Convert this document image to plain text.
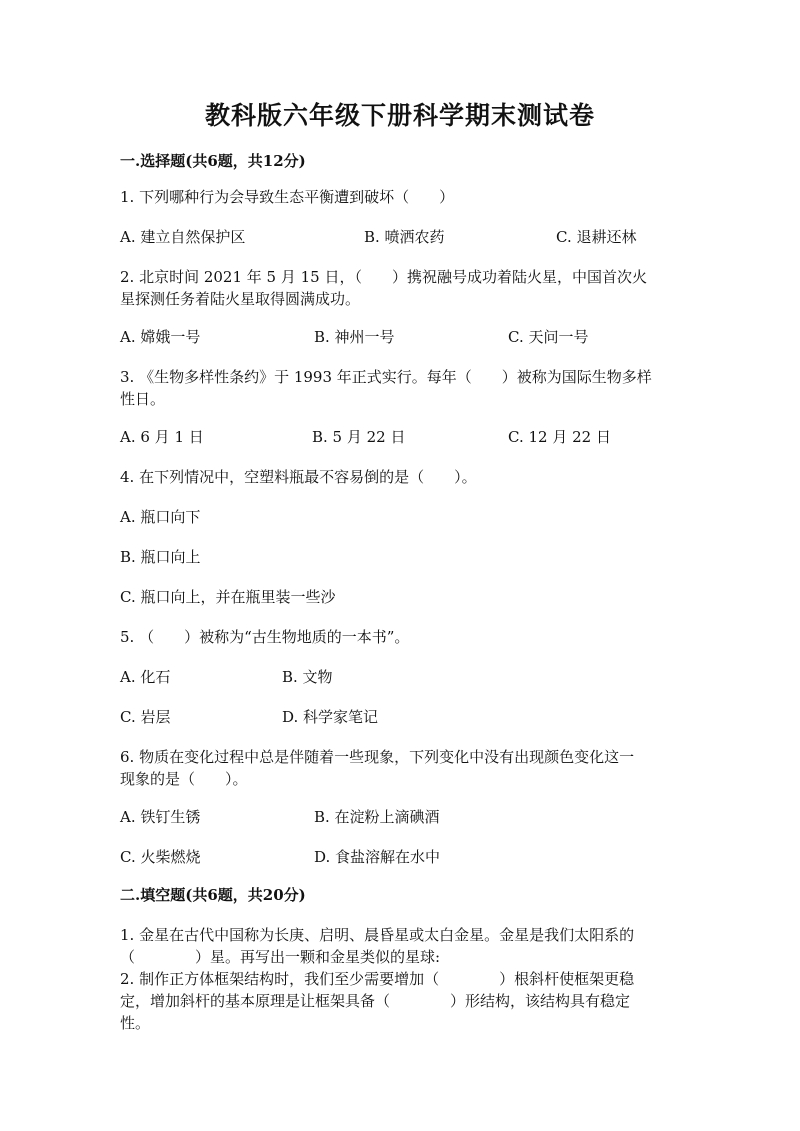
教科版六年级下册科学期末测试卷
一.选择题(共6题，共12分)
1. 下列哪种行为会导致生态平衡遭到破坏（　　）
A. 建立自然保护区	B. 喷洒农药	C. 退耕还林
2. 北京时间 2021 年 5 月 15 日，（　　）携祝融号成功着陆火星，中国首次火
星探测任务着陆火星取得圆满成功。
A. 嫦娥一号	B. 神州一号	C. 天问一号
3. 《生物多样性条约》于 1993 年正式实行。每年（　　）被称为国际生物多样
性日。
A. 6 月 1 日	B. 5 月 22 日	C. 12 月 22 日
4. 在下列情况中，空塑料瓶最不容易倒的是（　　）。
A. 瓶口向下
B. 瓶口向上
C. 瓶口向上，并在瓶里装一些沙
5. （　　）被称为“古生物地质的一本书”。
A. 化石	B. 文物
C. 岩层	D. 科学家笔记
6. 物质在变化过程中总是伴随着一些现象，下列变化中没有出现颜色变化这一
现象的是（　　）。
A. 铁钉生锈	B. 在淀粉上滴碘酒
C. 火柴燃烧	D. 食盐溶解在水中
二.填空题(共6题，共20分)
1. 金星在古代中国称为长庚、启明、晨昏星或太白金星。金星是我们太阳系的
（　　　　）星。再写出一颗和金星类似的星球:
2. 制作正方体框架结构时，我们至少需要增加（　　　　）根斜杆使框架更稳
定，增加斜杆的基本原理是让框架具备（　　　　）形结构，该结构具有稳定
性。
